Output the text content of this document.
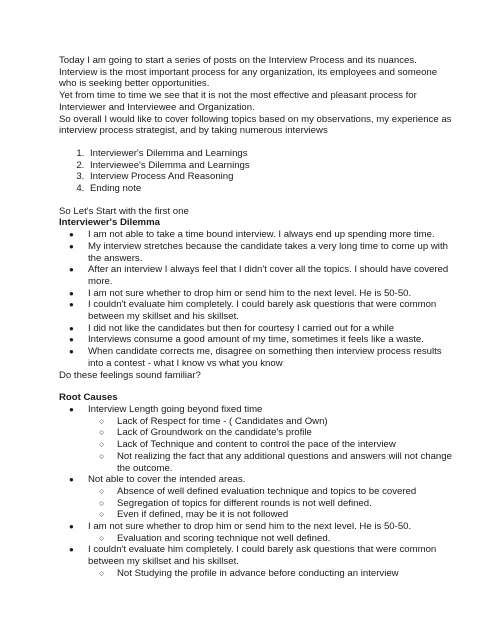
Today I am going to start a series of posts on the Interview Process and its nuances.

Interview is the most important process for any organization, its employees and someone who is seeking better opportunities.

Yet from time to time we see that it is not the most effective and pleasant process for Interviewer and Interviewee and Organization.

So overall I would like to cover following topics based on my observations, my experience as interview process strategist, and by taking numerous interviews

1. Interviewer's Dilemma and Learnings
2. Interviewee's Dilemma and Learnings
3. Interview Process And Reasoning
4. Ending note

So Let's Start with the first one

Interviewer's Dilemma

● I am not able to take a time bound interview. I always end up spending more time.
● My interview stretches because the candidate takes a very long time to come up with the answers.
● After an interview I always feel that I didn't cover all the topics. I should have covered more.
● I am not sure whether to drop him or send him to the next level. He is 50-50.
● I couldn't evaluate him completely. I could barely ask questions that were common between my skillset and his skillset.
● I did not like the candidates but then for courtesy I carried out for a while
● Interviews consume a good amount of my time, sometimes it feels like a waste.
● When candidate corrects me, disagree on something then interview process results into a contest - what I know vs what you know

Do these feelings sound familiar?

Root Causes

● Interview Length going beyond fixed time
○ Lack of Respect for time - ( Candidates and Own)
○ Lack of Groundwork on the candidate's profile
○ Lack of Technique and content to control the pace of the interview
○ Not realizing the fact that any additional questions and answers will not change the outcome.
● Not able to cover the intended areas.
○ Absence of well defined evaluation technique and topics to be covered
○ Segregation of topics for different rounds is not well defined.
○ Even if defined, may be it is not followed
● I am not sure whether to drop him or send him to the next level. He is 50-50.
○ Evaluation and scoring technique not well defined.
● I couldn't evaluate him completely. I could barely ask questions that were common between my skillset and his skillset.
○ Not Studying the profile in advance before conducting an interview
